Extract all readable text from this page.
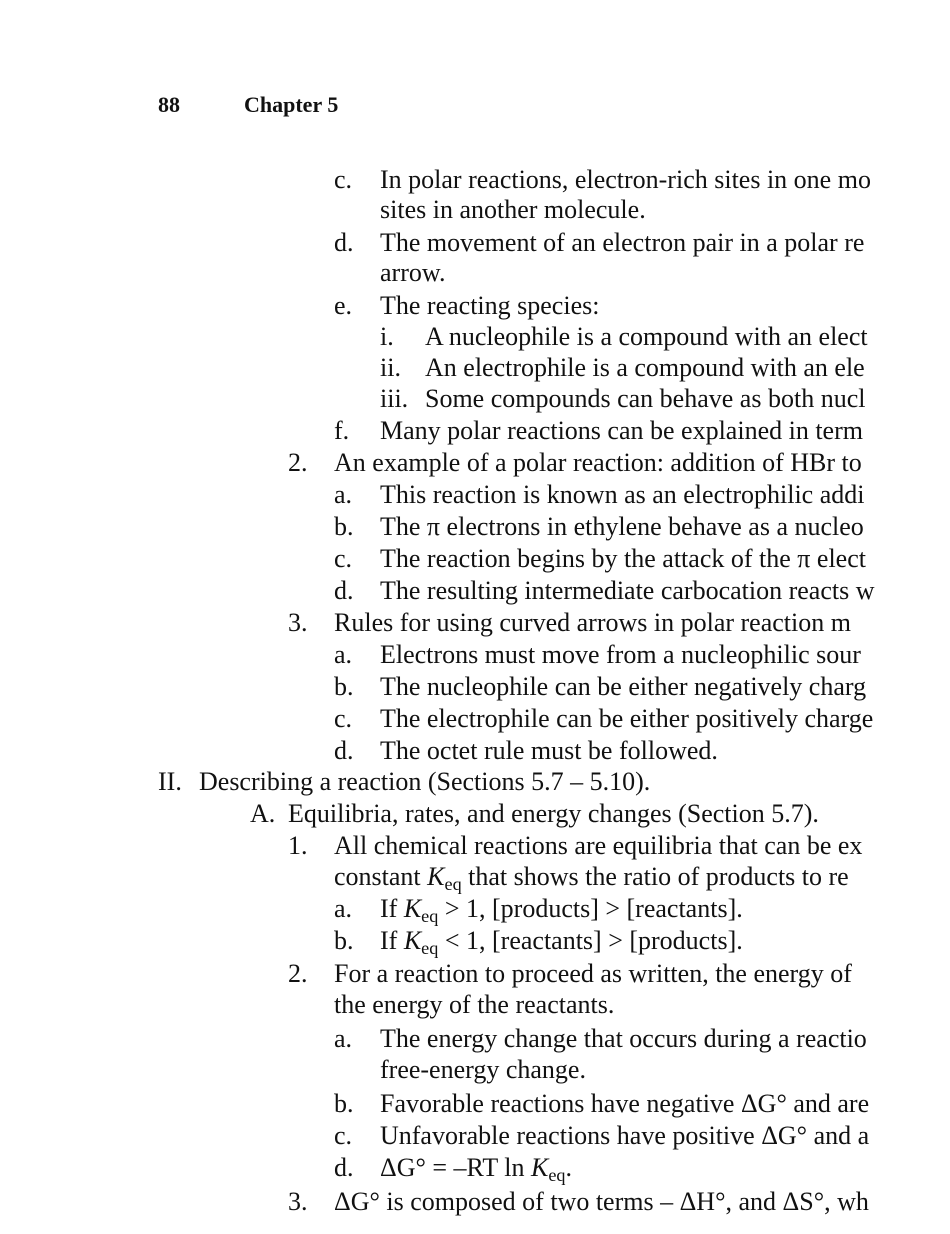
88	Chapter 5
c. In polar reactions, electron-rich sites in one mo
sites in another molecule.
d. The movement of an electron pair in a polar re
arrow.
e. The reacting species:
i. A nucleophile is a compound with an elect
ii. An electrophile is a compound with an ele
iii. Some compounds can behave as both nucl
f. Many polar reactions can be explained in term
2. An example of a polar reaction: addition of HBr to
a. This reaction is known as an electrophilic addi
b. The π electrons in ethylene behave as a nucleo
c. The reaction begins by the attack of the π elect
d. The resulting intermediate carbocation reacts w
3. Rules for using curved arrows in polar reaction m
a. Electrons must move from a nucleophilic sour
b. The nucleophile can be either negatively charg
c. The electrophile can be either positively charge
d. The octet rule must be followed.
II. Describing a reaction (Sections 5.7 – 5.10).
A. Equilibria, rates, and energy changes (Section 5.7).
1. All chemical reactions are equilibria that can be ex
constant $K_{eq}$ that shows the ratio of products to re
a. If $K_{eq} > 1$, [products] > [reactants].
b. If $K_{eq} < 1$, [reactants] > [products].
2. For a reaction to proceed as written, the energy of
the energy of the reactants.
a. The energy change that occurs during a reactio
free-energy change.
b. Favorable reactions have negative ΔG° and are
c. Unfavorable reactions have positive ΔG° and a
d. ΔG° = –RT $\ln K_{eq}$.
3. ΔG° is composed of two terms – ΔH°, and ΔS°, wh
